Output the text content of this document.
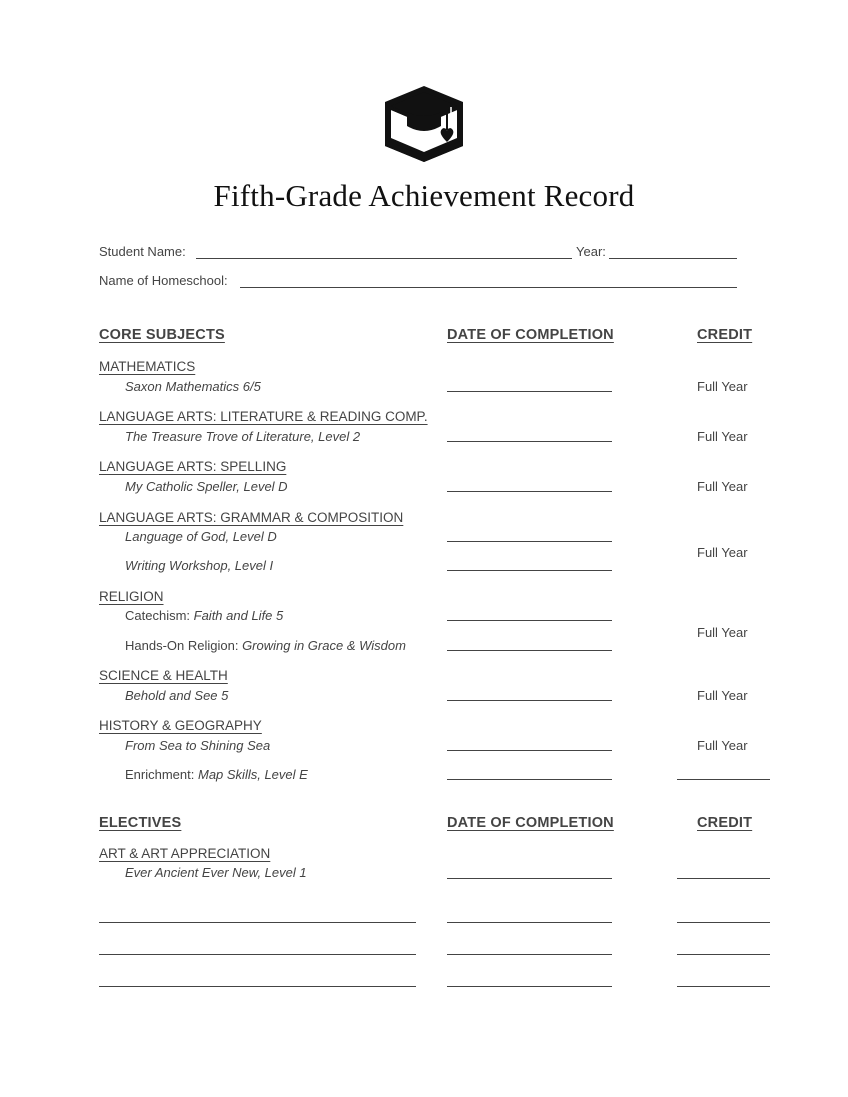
Fifth-Grade Achievement Record
Student Name:	Year:
Name of Homeschool:
CORE SUBJECTS	DATE OF COMPLETION	CREDIT
MATHEMATICS
Saxon Mathematics 6/5	Full Year
LANGUAGE ARTS: LITERATURE & READING COMP.
The Treasure Trove of Literature, Level 2	Full Year
LANGUAGE ARTS: SPELLING
My Catholic Speller, Level D	Full Year
LANGUAGE ARTS: GRAMMAR & COMPOSITION
Language of God, Level D
Writing Workshop, Level I
Full Year
RELIGION
Catechism: Faith and Life 5
Hands-On Religion: Growing in Grace & Wisdom
Full Year
SCIENCE & HEALTH
Behold and See 5	Full Year
HISTORY & GEOGRAPHY
From Sea to Shining Sea	Full Year
Enrichment: Map Skills, Level E
ELECTIVES	DATE OF COMPLETION	CREDIT
ART & ART APPRECIATION
Ever Ancient Ever New, Level 1
